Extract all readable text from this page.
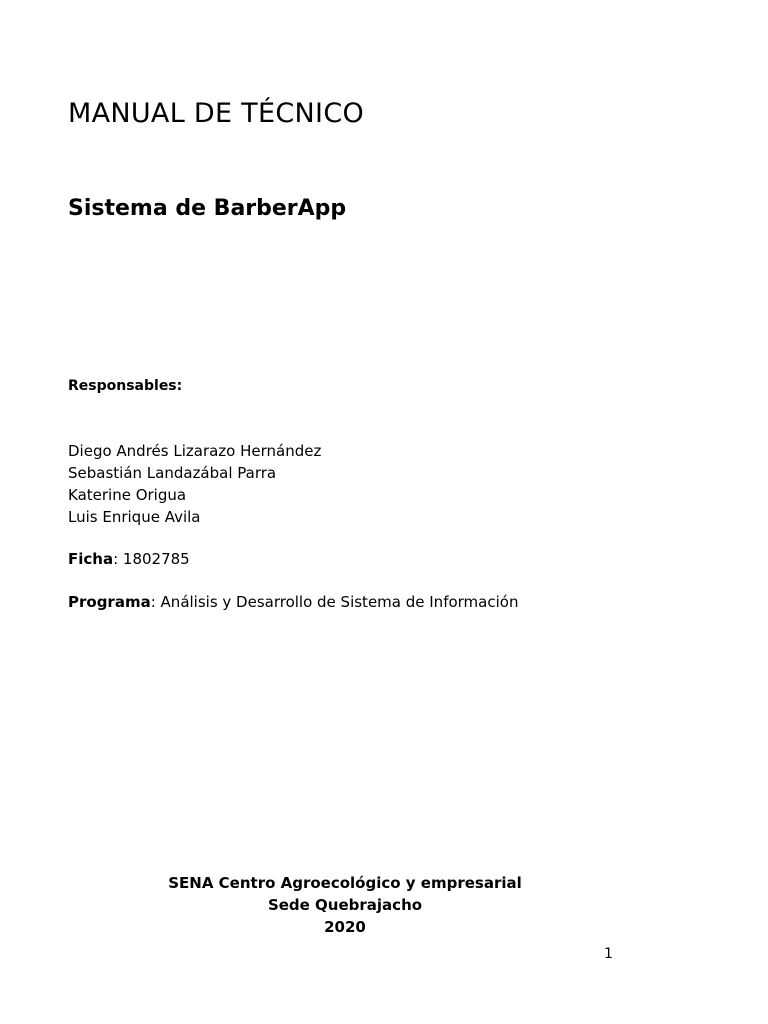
MANUAL DE TÉCNICO
Sistema de BarberApp
Responsables:
Diego Andrés Lizarazo Hernández
Sebastián Landazábal Parra
Katerine Origua
Luis Enrique Avila
Ficha: 1802785
Programa: Análisis y Desarrollo de Sistema de Información
SENA Centro Agroecológico y empresarial
Sede Quebrajacho
2020
1
